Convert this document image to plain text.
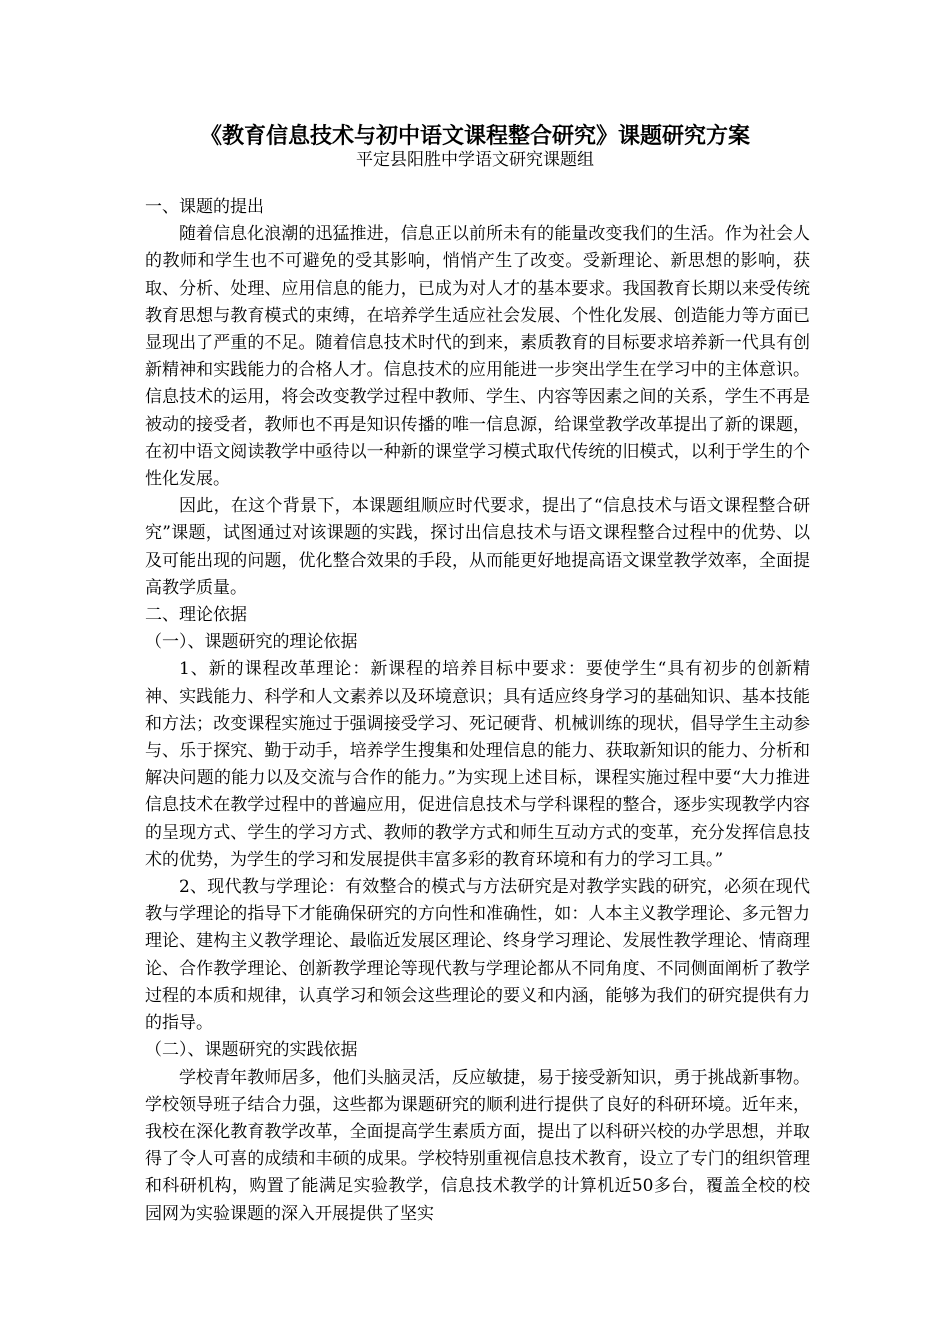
《教育信息技术与初中语文课程整合研究》课题研究方案
平定县阳胜中学语文研究课题组

一、课题的提出

随着信息化浪潮的迅猛推进，信息正以前所未有的能量改变我们的生活。作为社会人的教师和学生也不可避免的受其影响，悄悄产生了改变。受新理论、新思想的影响，获取、分析、处理、应用信息的能力，已成为对人才的基本要求。我国教育长期以来受传统教育思想与教育模式的束缚，在培养学生适应社会发展、个性化发展、创造能力等方面已显现出了严重的不足。随着信息技术时代的到来，素质教育的目标要求培养新一代具有创新精神和实践能力的合格人才。信息技术的应用能进一步突出学生在学习中的主体意识。信息技术的运用，将会改变教学过程中教师、学生、内容等因素之间的关系，学生不再是被动的接受者，教师也不再是知识传播的唯一信息源，给课堂教学改革提出了新的课题，在初中语文阅读教学中亟待以一种新的课堂学习模式取代传统的旧模式，以利于学生的个性化发展。

因此，在这个背景下，本课题组顺应时代要求，提出了“信息技术与语文课程整合研究”课题，试图通过对该课题的实践，探讨出信息技术与语文课程整合过程中的优势、以及可能出现的问题，优化整合效果的手段，从而能更好地提高语文课堂教学效率，全面提高教学质量。

二、理论依据

（一）、课题研究的理论依据

1、新的课程改革理论：新课程的培养目标中要求：要使学生“具有初步的创新精神、实践能力、科学和人文素养以及环境意识；具有适应终身学习的基础知识、基本技能和方法；改变课程实施过于强调接受学习、死记硬背、机械训练的现状，倡导学生主动参与、乐于探究、勤于动手，培养学生搜集和处理信息的能力、获取新知识的能力、分析和解决问题的能力以及交流与合作的能力。”为实现上述目标，课程实施过程中要“大力推进信息技术在教学过程中的普遍应用，促进信息技术与学科课程的整合，逐步实现教学内容的呈现方式、学生的学习方式、教师的教学方式和师生互动方式的变革，充分发挥信息技术的优势，为学生的学习和发展提供丰富多彩的教育环境和有力的学习工具。”

2、现代教与学理论：有效整合的模式与方法研究是对教学实践的研究，必须在现代教与学理论的指导下才能确保研究的方向性和准确性，如：人本主义教学理论、多元智力理论、建构主义教学理论、最临近发展区理论、终身学习理论、发展性教学理论、情商理论、合作教学理论、创新教学理论等现代教与学理论都从不同角度、不同侧面阐析了教学过程的本质和规律，认真学习和领会这些理论的要义和内涵，能够为我们的研究提供有力的指导。

（二）、课题研究的实践依据

学校青年教师居多，他们头脑灵活，反应敏捷，易于接受新知识，勇于挑战新事物。学校领导班子结合力强，这些都为课题研究的顺利进行提供了良好的科研环境。近年来，我校在深化教育教学改革，全面提高学生素质方面，提出了以科研兴校的办学思想，并取得了令人可喜的成绩和丰硕的成果。学校特别重视信息技术教育，设立了专门的组织管理和科研机构，购置了能满足实验教学，信息技术教学的计算机近50多台，覆盖全校的校园网为实验课题的深入开展提供了坚实
